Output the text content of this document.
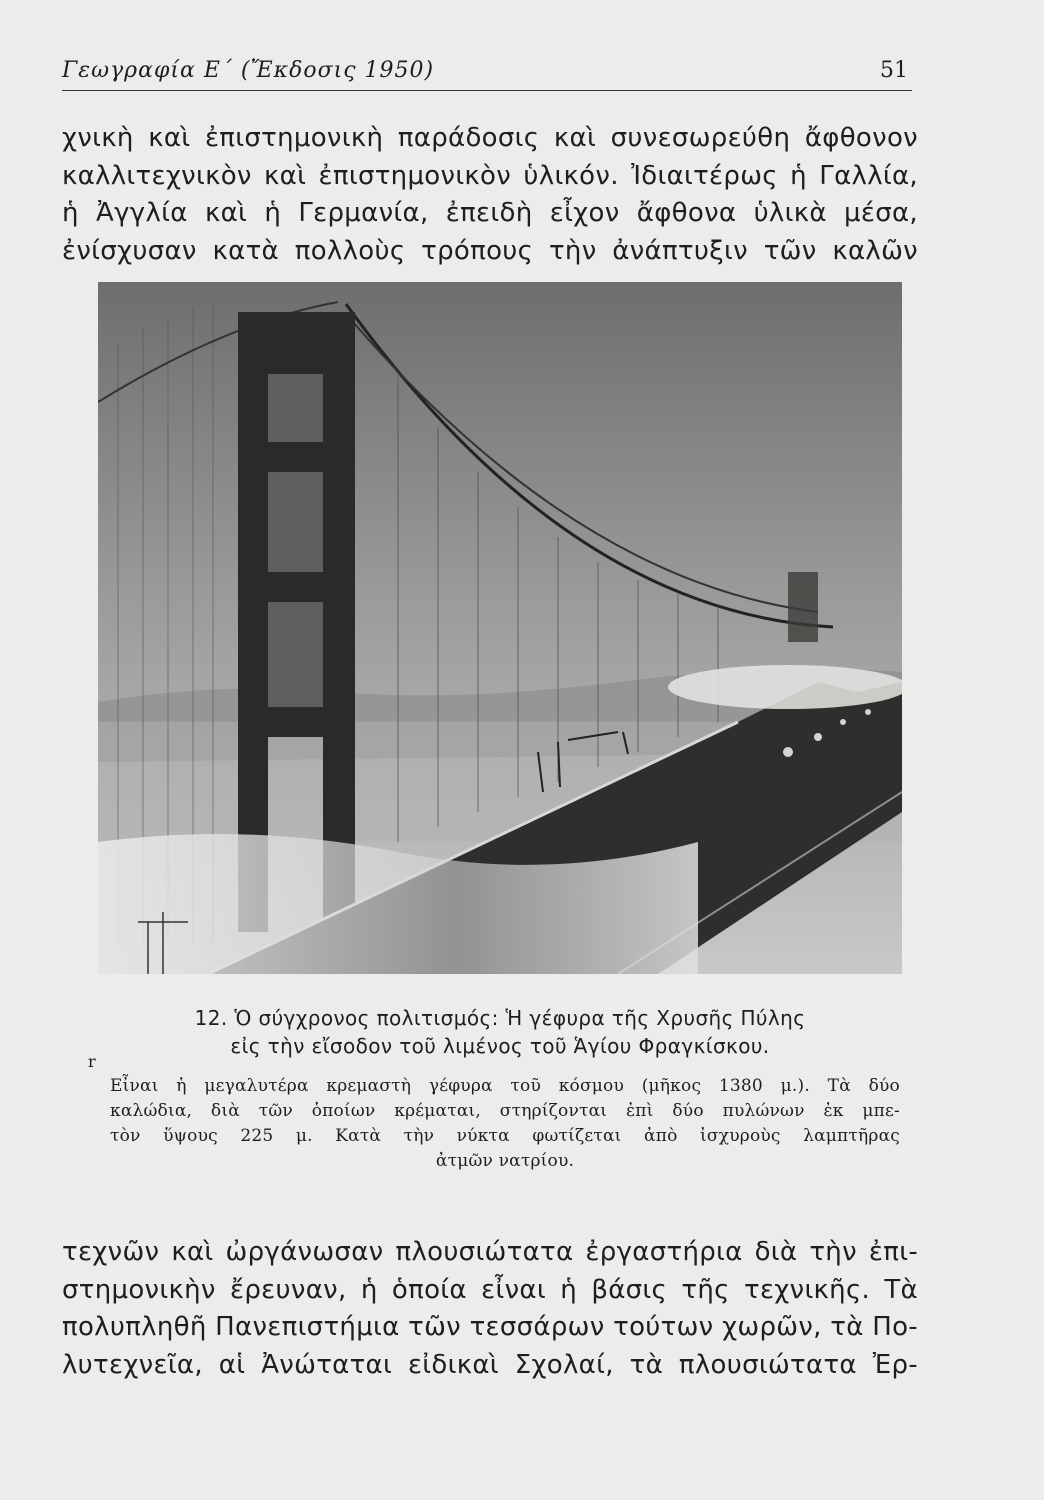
Γεωγραφία Ε΄ (Ἔκδοσις 1950)	51
χνικὴ καὶ ἐπιστημονικὴ παράδοσις καὶ συνεσωρεύθη ἄφθονον
καλλιτεχνικὸν καὶ ἐπιστημονικὸν ὑλικόν. Ἰδιαιτέρως ἡ Γαλλία,
ἡ Ἀγγλία καὶ ἡ Γερμανία, ἐπειδὴ εἶχον ἄφθονα ὑλικὰ μέσα,
ἐνίσχυσαν κατὰ πολλοὺς τρόπους τὴν ἀνάπτυξιν τῶν καλῶν
12. Ὁ σύγχρονος πολιτισμός: Ἡ γέφυρα τῆς Χρυσῆς Πύλης
εἰς τὴν εἴσοδον τοῦ λιμένος τοῦ Ἁγίου Φραγκίσκου.
r
Εἶναι ἡ μεγαλυτέρα κρεμαστὴ γέφυρα τοῦ κόσμου (μῆκος 1380 μ.). Τὰ δύο
καλώδια, διὰ τῶν ὁποίων κρέμαται, στηρίζονται ἐπὶ δύο πυλώνων ἐκ μπε-
τὸν ὕψους 225 μ. Κατὰ τὴν νύκτα φωτίζεται ἀπὸ ἰσχυροὺς λαμπτῆρας
ἀτμῶν νατρίου.
τεχνῶν καὶ ὠργάνωσαν πλουσιώτατα ἐργαστήρια διὰ τὴν ἐπι-
στημονικὴν ἔρευναν, ἡ ὁποία εἶναι ἡ βάσις τῆς τεχνικῆς. Τὰ
πολυπληθῆ Πανεπιστήμια τῶν τεσσάρων τούτων χωρῶν, τὰ Πο-
λυτεχνεῖα, αἱ Ἀνώταται εἰδικαὶ Σχολαί, τὰ πλουσιώτατα Ἐρ-
